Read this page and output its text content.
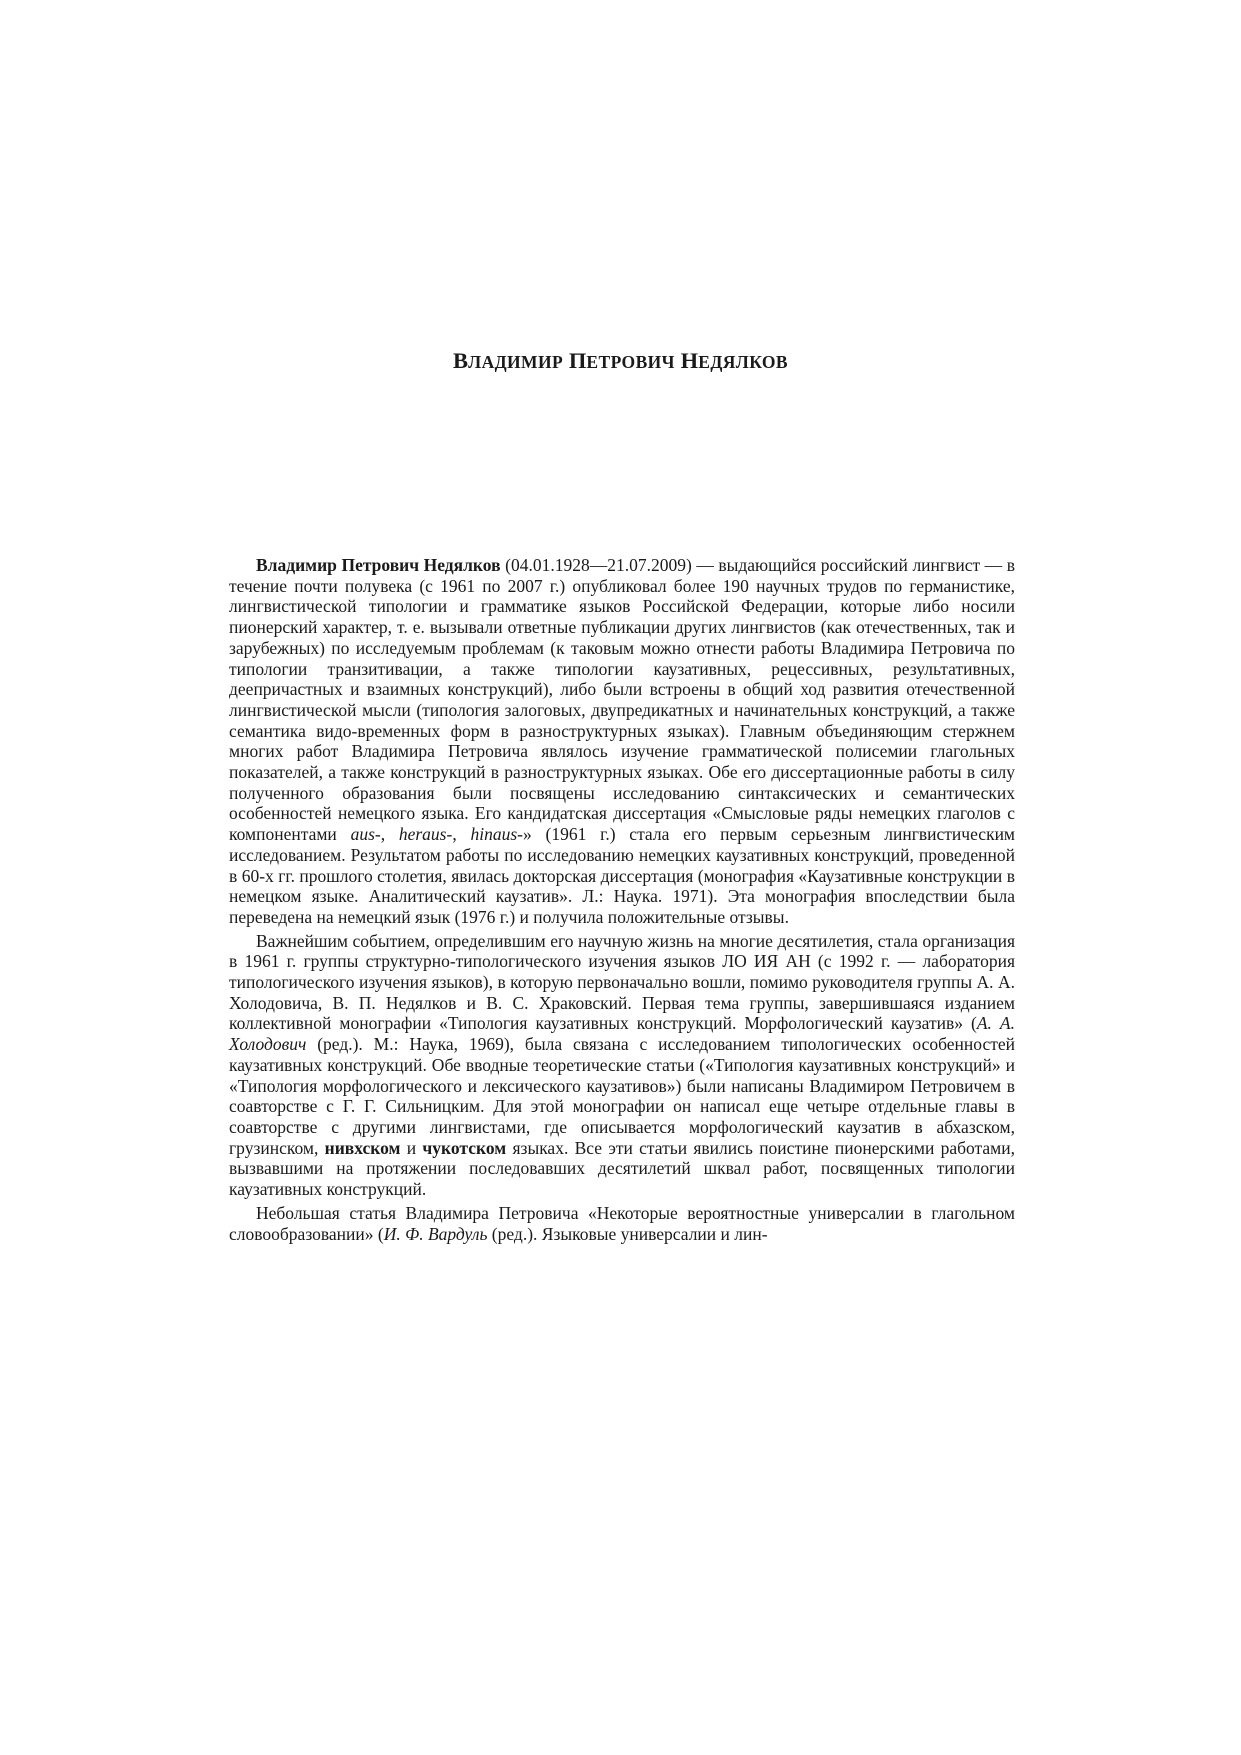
ВЛАДИМИР ПЕТРОВИЧ НЕДЯЛКОВ

Владимир Петрович Недялков (04.01.1928—21.07.2009) — выдающийся российский лингвист — в течение почти полувека (с 1961 по 2007 г.) опубликовал более 190 научных трудов по германистике, лингвистической типологии и грамматике языков Российской Федерации, которые либо носили пионерский характер, т. е. вызывали ответные публикации других лингвистов (как отечественных, так и зарубежных) по исследуемым проблемам (к таковым можно отнести работы Владимира Петровича по типологии транзитивации, а также типологии каузативных, рецессивных, результативных, деепричастных и взаимных конструкций), либо были встроены в общий ход развития отечественной лингвистической мысли (типология залоговых, двупредикатных и начинательных конструкций, а также семантика видо-временных форм в разноструктурных языках). Главным объединяющим стержнем многих работ Владимира Петровича являлось изучение грамматической полисемии глагольных показателей, а также конструкций в разноструктурных языках. Обе его диссертационные работы в силу полученного образования были посвящены исследованию синтаксических и семантических особенностей немецкого языка. Его кандидатская диссертация «Смысловые ряды немецких глаголов с компонентами aus-, heraus-, hinaus-» (1961 г.) стала его первым серьезным лингвистическим исследованием. Результатом работы по исследованию немецких каузативных конструкций, проведенной в 60-х гг. прошлого столетия, явилась докторская диссертация (монография «Каузативные конструкции в немецком языке. Аналитический каузатив». Л.: Наука. 1971). Эта монография впоследствии была переведена на немецкий язык (1976 г.) и получила положительные отзывы.

Важнейшим событием, определившим его научную жизнь на многие десятилетия, стала организация в 1961 г. группы структурно-типологического изучения языков ЛО ИЯ АН (с 1992 г. — лаборатория типологического изучения языков), в которую первоначально вошли, помимо руководителя группы А. А. Холодовича, В. П. Недялков и В. С. Храковский. Первая тема группы, завершившаяся изданием коллективной монографии «Типология каузативных конструкций. Морфологический каузатив» (А. А. Холодович (ред.). М.: Наука, 1969), была связана с исследованием типологических особенностей каузативных конструкций. Обе вводные теоретические статьи («Типология каузативных конструкций» и «Типология морфологического и лексического каузативов») были написаны Владимиром Петровичем в соавторстве с Г. Г. Сильницким. Для этой монографии он написал еще четыре отдельные главы в соавторстве с другими лингвистами, где описывается морфологический каузатив в абхазском, грузинском, нивхском и чукотском языках. Все эти статьи явились поистине пионерскими работами, вызвавшими на протяжении последовавших десятилетий шквал работ, посвященных типологии каузативных конструкций.

Небольшая статья Владимира Петровича «Некоторые вероятностные универсалии в глагольном словообразовании» (И. Ф. Вардуль (ред.). Языковые универсалии и лин-
